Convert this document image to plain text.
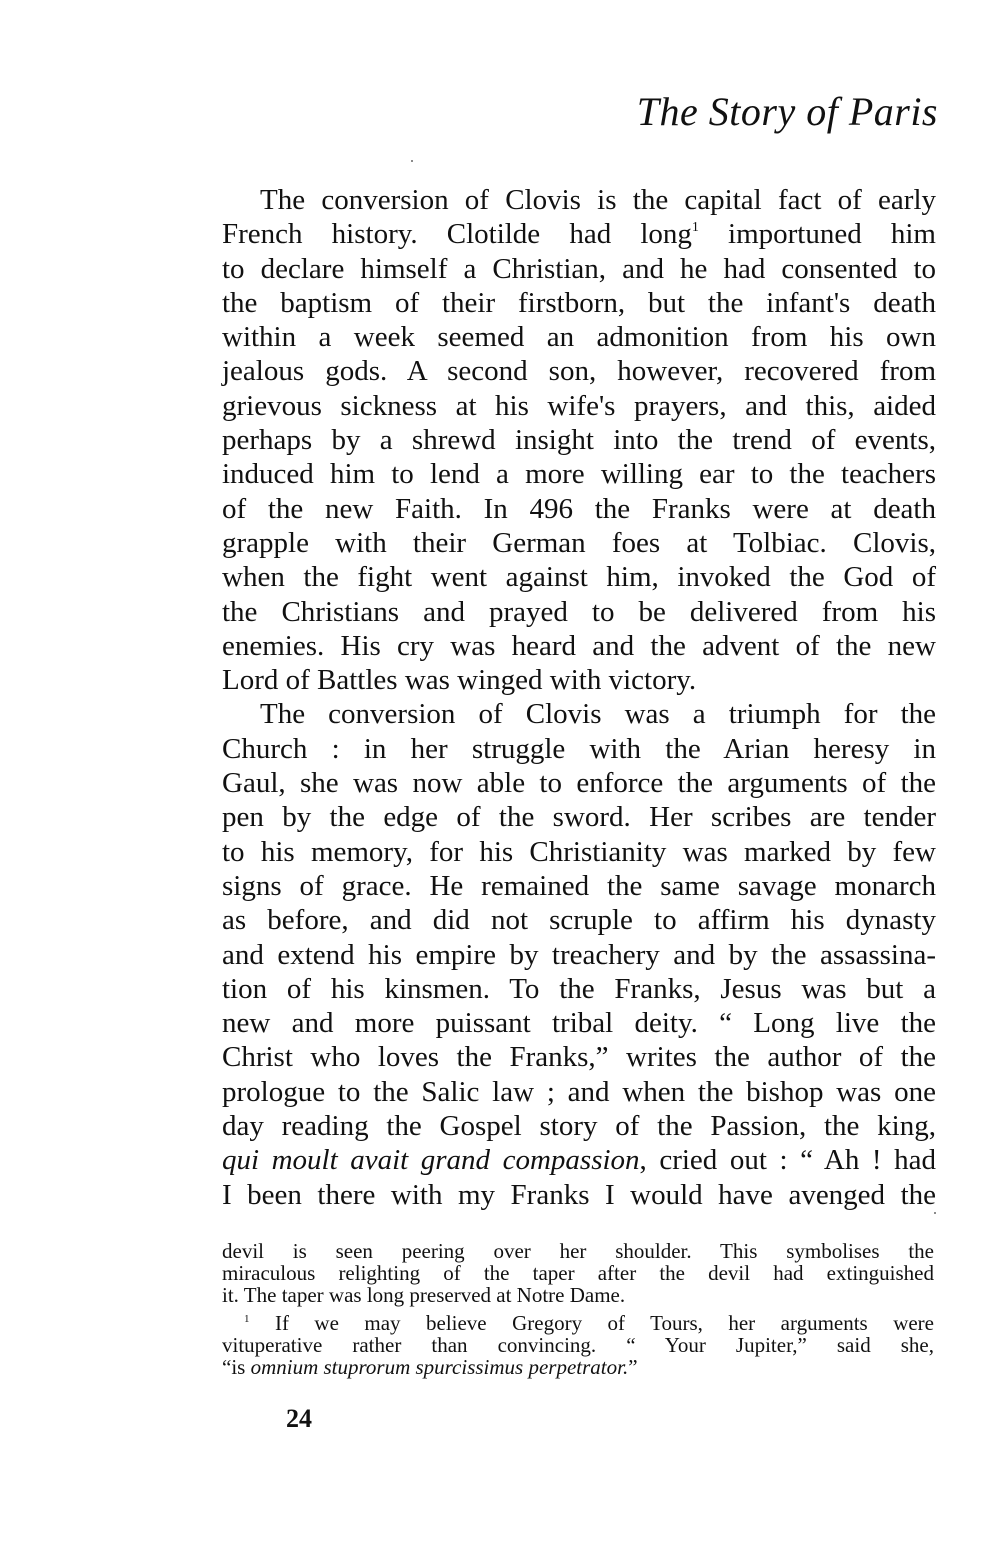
The Story of Paris
The conversion of Clovis is the capital fact of early
French history. Clotilde had long$^1$ importuned him
to declare himself a Christian, and he had consented to
the baptism of their firstborn, but the infant's death
within a week seemed an admonition from his own
jealous gods. A second son, however, recovered from
grievous sickness at his wife's prayers, and this, aided
perhaps by a shrewd insight into the trend of events,
induced him to lend a more willing ear to the teachers
of the new Faith. In 496 the Franks were at death
grapple with their German foes at Tolbiac. Clovis,
when the fight went against him, invoked the God of
the Christians and prayed to be delivered from his
enemies. His cry was heard and the advent of the new
Lord of Battles was winged with victory.
The conversion of Clovis was a triumph for the
Church : in her struggle with the Arian heresy in
Gaul, she was now able to enforce the arguments of the
pen by the edge of the sword. Her scribes are tender
to his memory, for his Christianity was marked by few
signs of grace. He remained the same savage monarch
as before, and did not scruple to affirm his dynasty
and extend his empire by treachery and by the assassina-
tion of his kinsmen. To the Franks, Jesus was but a
new and more puissant tribal deity. “ Long live the
Christ who loves the Franks,” writes the author of the
prologue to the Salic law ; and when the bishop was one
day reading the Gospel story of the Passion, the king,
qui moult avait grand compassion, cried out : “ Ah ! had
I been there with my Franks I would have avenged the
devil is seen peering over her shoulder. This symbolises the
miraculous relighting of the taper after the devil had extinguished
it. The taper was long preserved at Notre Dame.
$^1$ If we may believe Gregory of Tours, her arguments were
vituperative rather than convincing. “ Your Jupiter,” said she,
“is omnium stuprorum spurcissimus perpetrator.”
24
